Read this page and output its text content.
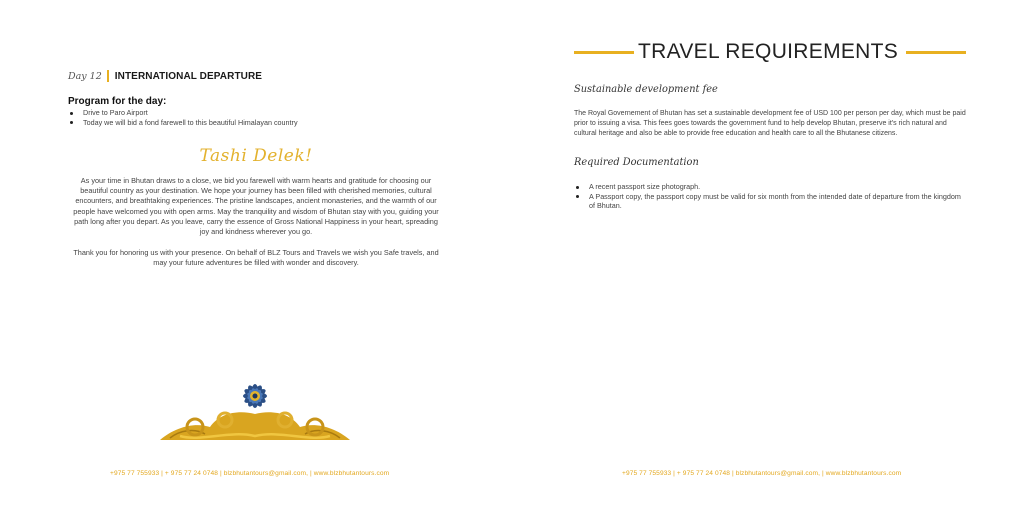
Day 12 INTERNATIONAL DEPARTURE
Program for the day:
Drive to Paro Airport
Today we will bid a fond farewell to this beautiful Himalayan country
Tashi Delek!
As your time in Bhutan draws to a close, we bid you farewell with warm hearts and gratitude for choosing our beautiful country as your destination. We hope your journey has been filled with cherished memories, cultural encounters, and breathtaking experiences. The pristine landscapes, ancient monasteries, and the warmth of our people have welcomed you with open arms. May the tranquility and wisdom of Bhutan stay with you, guiding your path long after you depart. As you leave, carry the essence of Gross National Happiness in your heart, spreading joy and kindness wherever you go.
Thank you for honoring us with your presence. On behalf of BLZ Tours and Travels we wish you Safe travels, and may your future adventures be filled with wonder and discovery.
+975 77 755933 | + 975 77 24 0748 | blzbhutantours@gmail.com, | www.blzbhutantours.com
TRAVEL REQUIREMENTS
Sustainable development fee
The Royal Governement of Bhutan has set a sustainable development fee of USD 100 per person per day, which must be paid prior to issuing a visa. This fees goes towards the government fund to help develop Bhutan, preserve it's rich natural and cultural heritage and also be able to provide free education and health care to all the Bhutanese citizens.
Required Documentation
A recent passport size photograph.
A Passport copy, the passport copy must be valid for six month from the intended date of departure from the kingdom of Bhutan.
+975 77 755933 | + 975 77 24 0748 | blzbhutantours@gmail.com, | www.blzbhutantours.com
